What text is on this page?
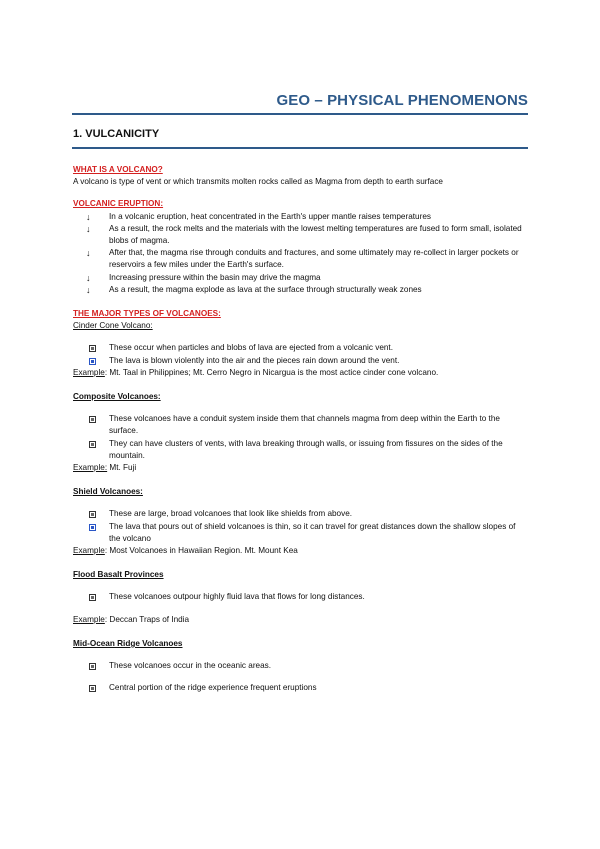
GEO – PHYSICAL PHENOMENONS
1. VULCANICITY

WHAT IS A VOLCANO?

A volcano is type of vent or which transmits molten rocks called as Magma from depth to earth surface

VOLCANIC ERUPTION:

↓ In a volcanic eruption, heat concentrated in the Earth's upper mantle raises temperatures
↓ As a result, the rock melts and the materials with the lowest melting temperatures are fused to form small, isolated blobs of magma.
↓ After that, the magma rise through conduits and fractures, and some ultimately may re-collect in larger pockets or reservoirs a few miles under the Earth's surface.
↓ Increasing pressure within the basin may drive the magma
↓ As a result, the magma explode as lava at the surface through structurally weak zones

THE MAJOR TYPES OF VOLCANOES:

Cinder Cone Volcano:

These occur when particles and blobs of lava are ejected from a volcanic vent.
The lava is blown violently into the air and the pieces rain down around the vent.

Example: Mt. Taal in Philippines; Mt. Cerro Negro in Nicargua is the most actice cinder cone volcano.

Composite Volcanoes:

These volcanoes have a conduit system inside them that channels magma from deep within the Earth to the surface.
They can have clusters of vents, with lava breaking through walls, or issuing from fissures on the sides of the mountain.

Example: Mt. Fuji

Shield Volcanoes:

These are large, broad volcanoes that look like shields from above.
The lava that pours out of shield volcanoes is thin, so it can travel for great distances down the shallow slopes of the volcano

Example: Most Volcanoes in Hawaiian Region. Mt. Mount Kea

Flood Basalt Provinces

These volcanoes outpour highly fluid lava that flows for long distances.

Example: Deccan Traps of India

Mid-Ocean Ridge Volcanoes

These volcanoes occur in the oceanic areas.
Central portion of the ridge experience frequent eruptions
